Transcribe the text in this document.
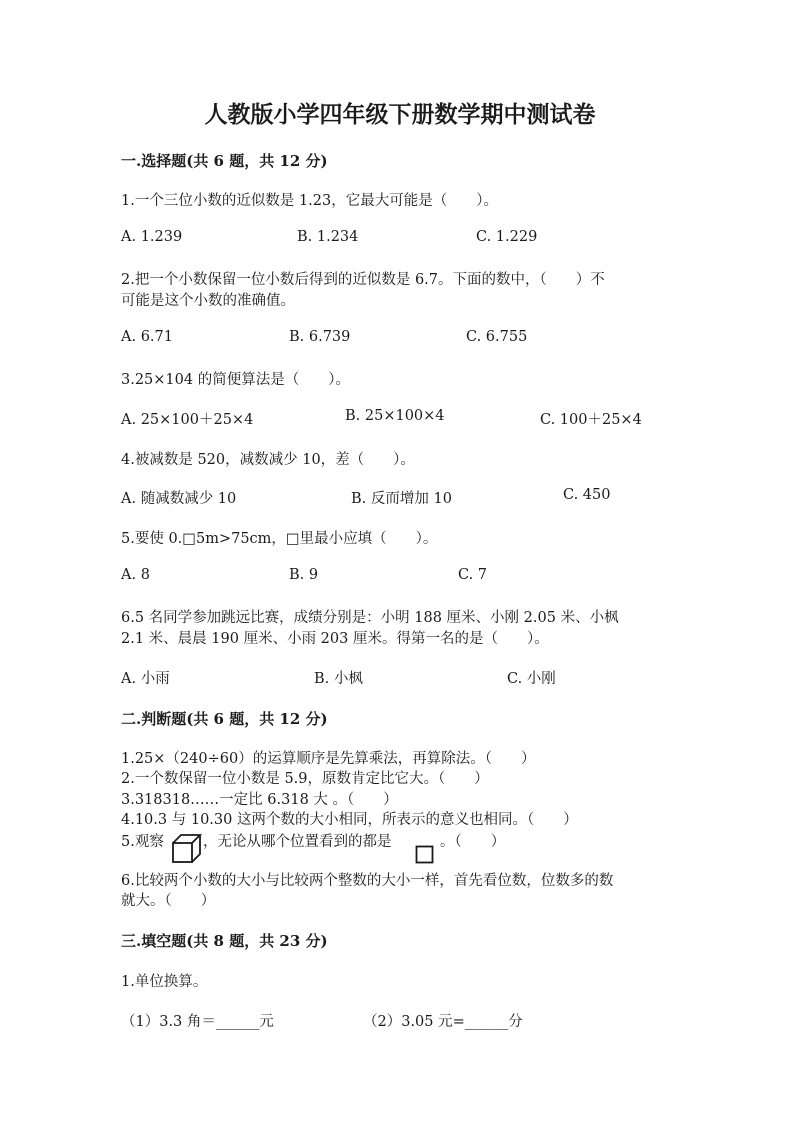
人教版小学四年级下册数学期中测试卷
一.选择题(共 6 题，共 12 分)
1.一个三位小数的近似数是 1.23，它最大可能是（　　）。
A. 1.239	B. 1.234	C. 1.229
2.把一个小数保留一位小数后得到的近似数是 6.7。下面的数中，（　　）不
可能是这个小数的准确值。
A. 6.71	B. 6.739	C. 6.755
3.25×104 的简便算法是（　　）。
A. 25×100＋25×4	B. 25×100×4	C. 100＋25×4
4.被减数是 520，减数减少 10，差（　　）。
A. 随减数减少 10	B. 反而增加 10	C. 450
5.要使 0.□5m>75cm，□里最小应填（　　）。
A. 8	B. 9	C. 7
6.5 名同学参加跳远比赛，成绩分别是：小明 188 厘米、小刚 2.05 米、小枫
2.1 米、晨晨 190 厘米、小雨 203 厘米。得第一名的是（　　）。
A. 小雨	B. 小枫	C. 小刚
二.判断题(共 6 题，共 12 分)
1.25×（240÷60）的运算顺序是先算乘法，再算除法。（　　）
2.一个数保留一位小数是 5.9，原数肯定比它大。（　　）
3.318318……一定比 6.318 大 。（　　）
4.10.3 与 10.30 这两个数的大小相同，所表示的意义也相同。（　　）
5.观察	，无论从哪个位置看到的都是	。（　　）
6.比较两个小数的大小与比较两个整数的大小一样，首先看位数，位数多的数
就大。（　　）
三.填空题(共 8 题，共 23 分)
1.单位换算。
（1）3.3 角＝______元	（2）3.05 元=______分
